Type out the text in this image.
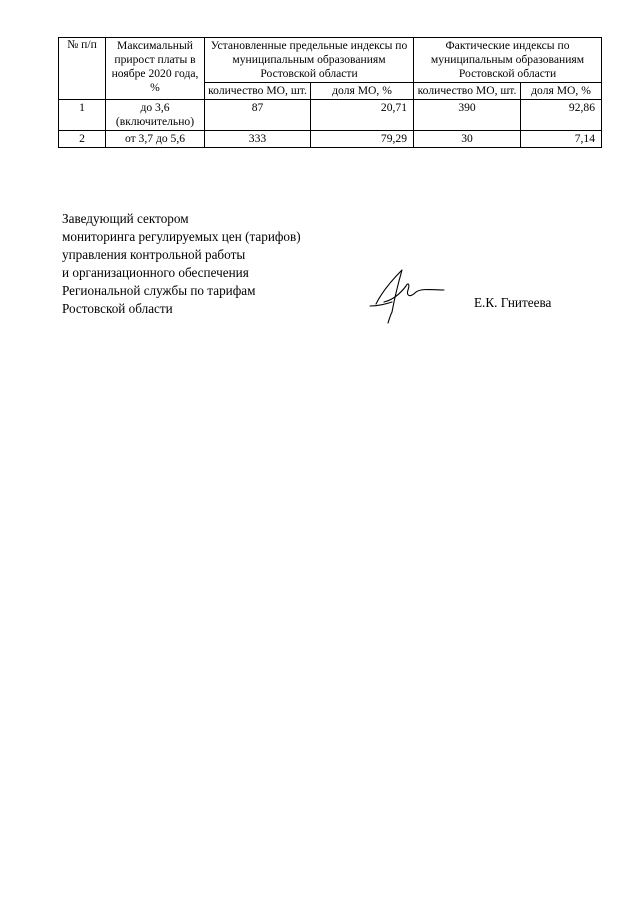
№ п/п	Максимальный прирост платы в ноябре 2020 года, %	Установленные предельные индексы по муниципальным образованиям Ростовской области		Фактические индексы по муниципальным образованиям Ростовской области	
		количество МО, шт.	доля МО, %	количество МО, шт.	доля МО, %
1	до 3,6 (включительно)	87	20,71	390	92,86
2	от 3,7 до 5,6	333	79,29	30	7,14
Заведующий сектором
мониторинга регулируемых цен (тарифов)
управления контрольной работы
и организационного обеспечения
Региональной службы по тарифам
Ростовской области	Е.К. Гнитеева
